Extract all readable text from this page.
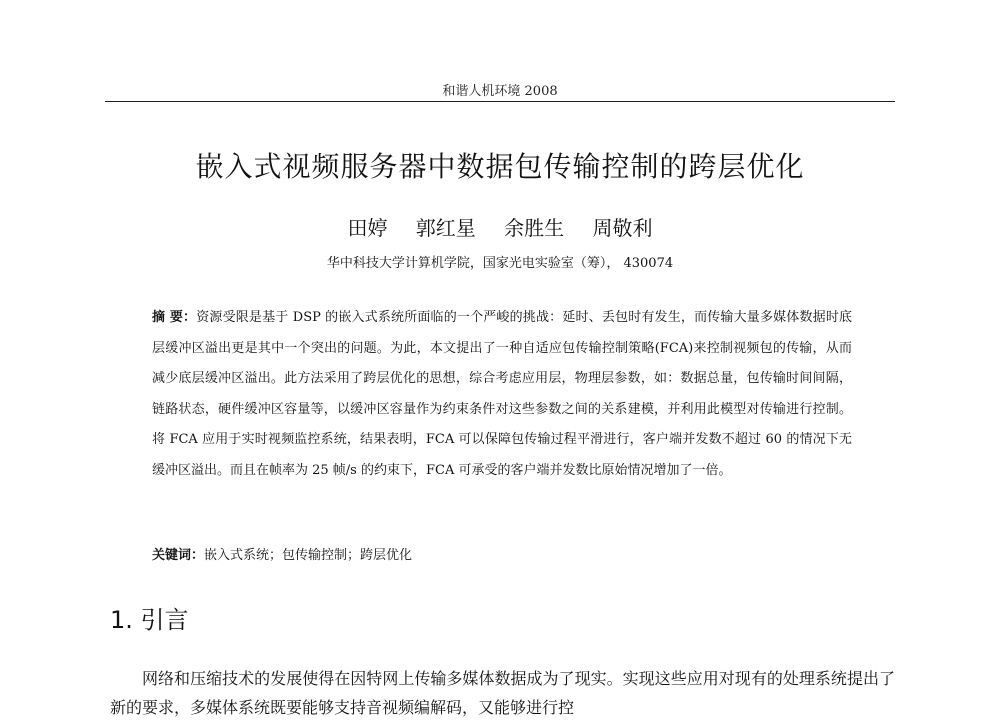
和谐人机环境 2008
嵌入式视频服务器中数据包传输控制的跨层优化
田婷 郭红星 余胜生 周敬利
华中科技大学计算机学院，国家光电实验室（筹）， 430074
摘 要：资源受限是基于 DSP 的嵌入式系统所面临的一个严峻的挑战：延时、丢包时有发生，而传输大量多媒体数据时底层缓冲区溢出更是其中一个突出的问题。为此，本文提出了一种自适应包传输控制策略(FCA)来控制视频包的传输，从而减少底层缓冲区溢出。此方法采用了跨层优化的思想，综合考虑应用层，物理层参数，如：数据总量，包传输时间间隔，链路状态，硬件缓冲区容量等，以缓冲区容量作为约束条件对这些参数之间的关系建模，并利用此模型对传输进行控制。将 FCA 应用于实时视频监控系统，结果表明，FCA 可以保障包传输过程平滑进行，客户端并发数不超过 60 的情况下无缓冲区溢出。而且在帧率为 25 帧/s 的约束下，FCA 可承受的客户端并发数比原始情况增加了一倍。
关键词：嵌入式系统；包传输控制；跨层优化
1. 引言
网络和压缩技术的发展使得在因特网上传输多媒体数据成为了现实。实现这些应用对现有的处理系统提出了新的要求，多媒体系统既要能够支持音视频编解码，又能够进行控
